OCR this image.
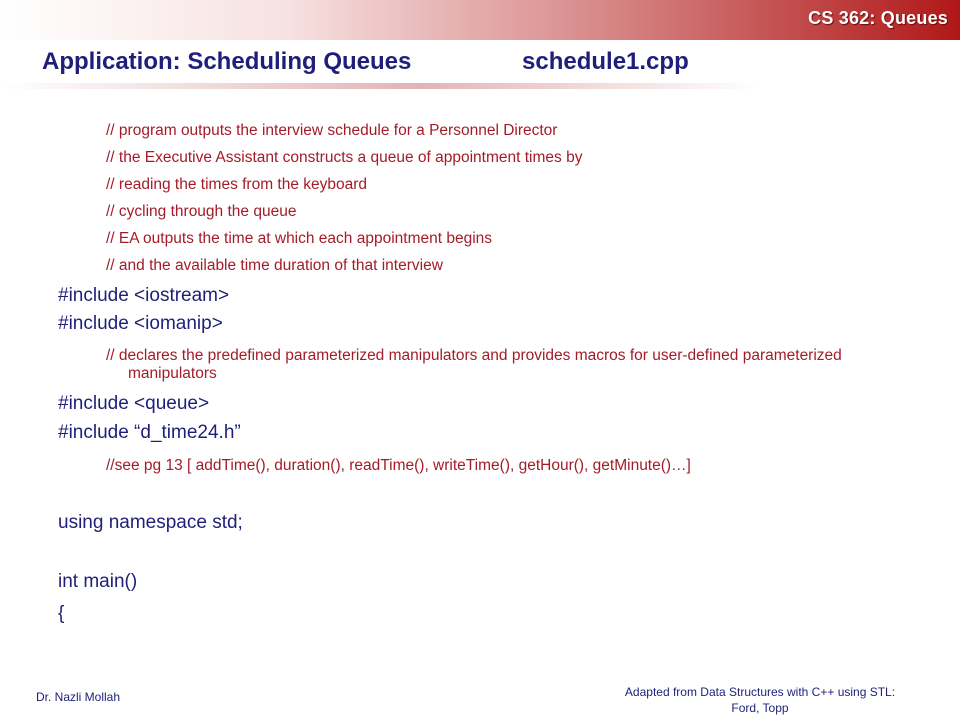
CS 362: Queues
Application: Scheduling Queues	schedule1.cpp
// program outputs the interview schedule for a Personnel Director
// the Executive Assistant constructs a queue of appointment times by
// reading the times from the keyboard
// cycling through the queue
// EA outputs the time at which each appointment begins
// and the available time duration of that interview
#include <iostream>
#include <iomanip>
// declares the predefined parameterized manipulators and provides macros for user-defined parameterized manipulators
#include <queue>
#include “d_time24.h”
//see pg 13 [ addTime(), duration(), readTime(), writeTime(), getHour(), getMinute()…]
using namespace std;
int main()
{
Dr. Nazli Mollah	Adapted from Data Structures with C++ using STL:
Ford, Topp
